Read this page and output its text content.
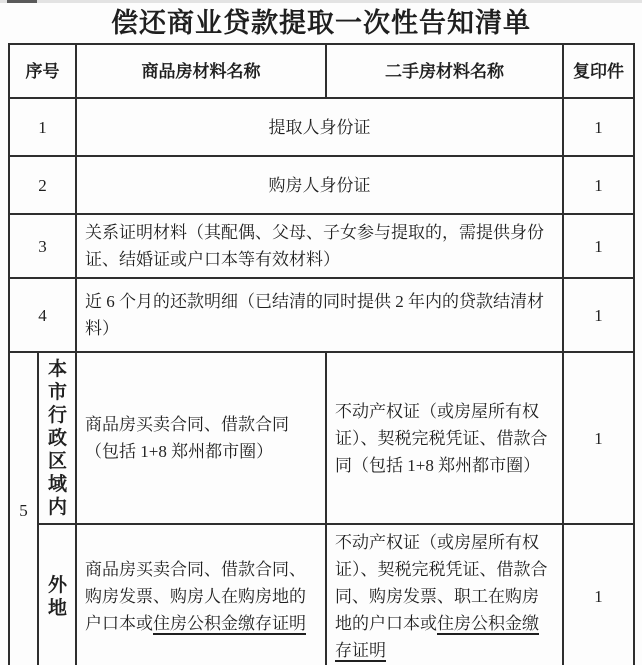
偿还商业贷款提取一次性告知清单
序号		商品房材料名称	二手房材料名称	复印件
1		提取人身份证		1
2		购房人身份证		1
3		关系证明材料（其配偶、父母、子女参与提取的，需提供身份证、结婚证或户口本等有效材料）		1
4		近 6 个月的还款明细（已结清的同时提供 2 年内的贷款结清材料）		1
5	本市行政区域内	商品房买卖合同、借款合同（包括 1+8 郑州都市圈）	不动产权证（或房屋所有权证）、契税完税凭证、借款合同（包括 1+8 郑州都市圈）	1

	外地	商品房买卖合同、借款合同、购房发票、购房人在购房地的户口本或住房公积金缴存证明	不动产权证（或房屋所有权证）、契税完税凭证、借款合同、购房发票、职工在购房地的户口本或住房公积金缴存证明	1
